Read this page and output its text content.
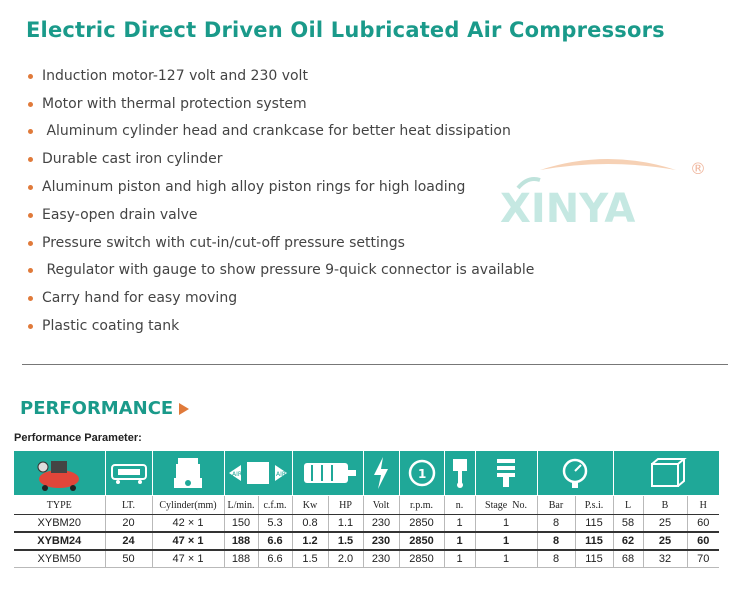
Electric Direct Driven Oil Lubricated Air Compressors
Induction motor-127 volt and 230 volt
Motor with thermal protection system
Aluminum cylinder head and crankcase for better heat dissipation
Durable cast iron cylinder
Aluminum piston and high alloy piston rings for high loading
Easy-open drain valve
Pressure switch with cut-in/cut-off pressure settings
Regulator with gauge to show pressure 9-quick connector is available
Carry hand for easy moving
Plastic coating tank
XINYA
®
PERFORMANCE
Performance Parameter:

AIR AIR					1

TYPE	LT.	Cylinder(mm)	L/min.	c.f.m.	Kw	HP	Volt	r.p.m.	n.	Stage  No.	Bar	P.s.i.	L	B	H
XYBM20	20	42 × 1	150	5.3	0.8	1.1	230	2850	1	1	8	115	58	25	60
XYBM24	24	47 × 1	188	6.6	1.2	1.5	230	2850	1	1	8	115	62	25	60
XYBM50	50	47 × 1	188	6.6	1.5	2.0	230	2850	1	1	8	115	68	32	70
